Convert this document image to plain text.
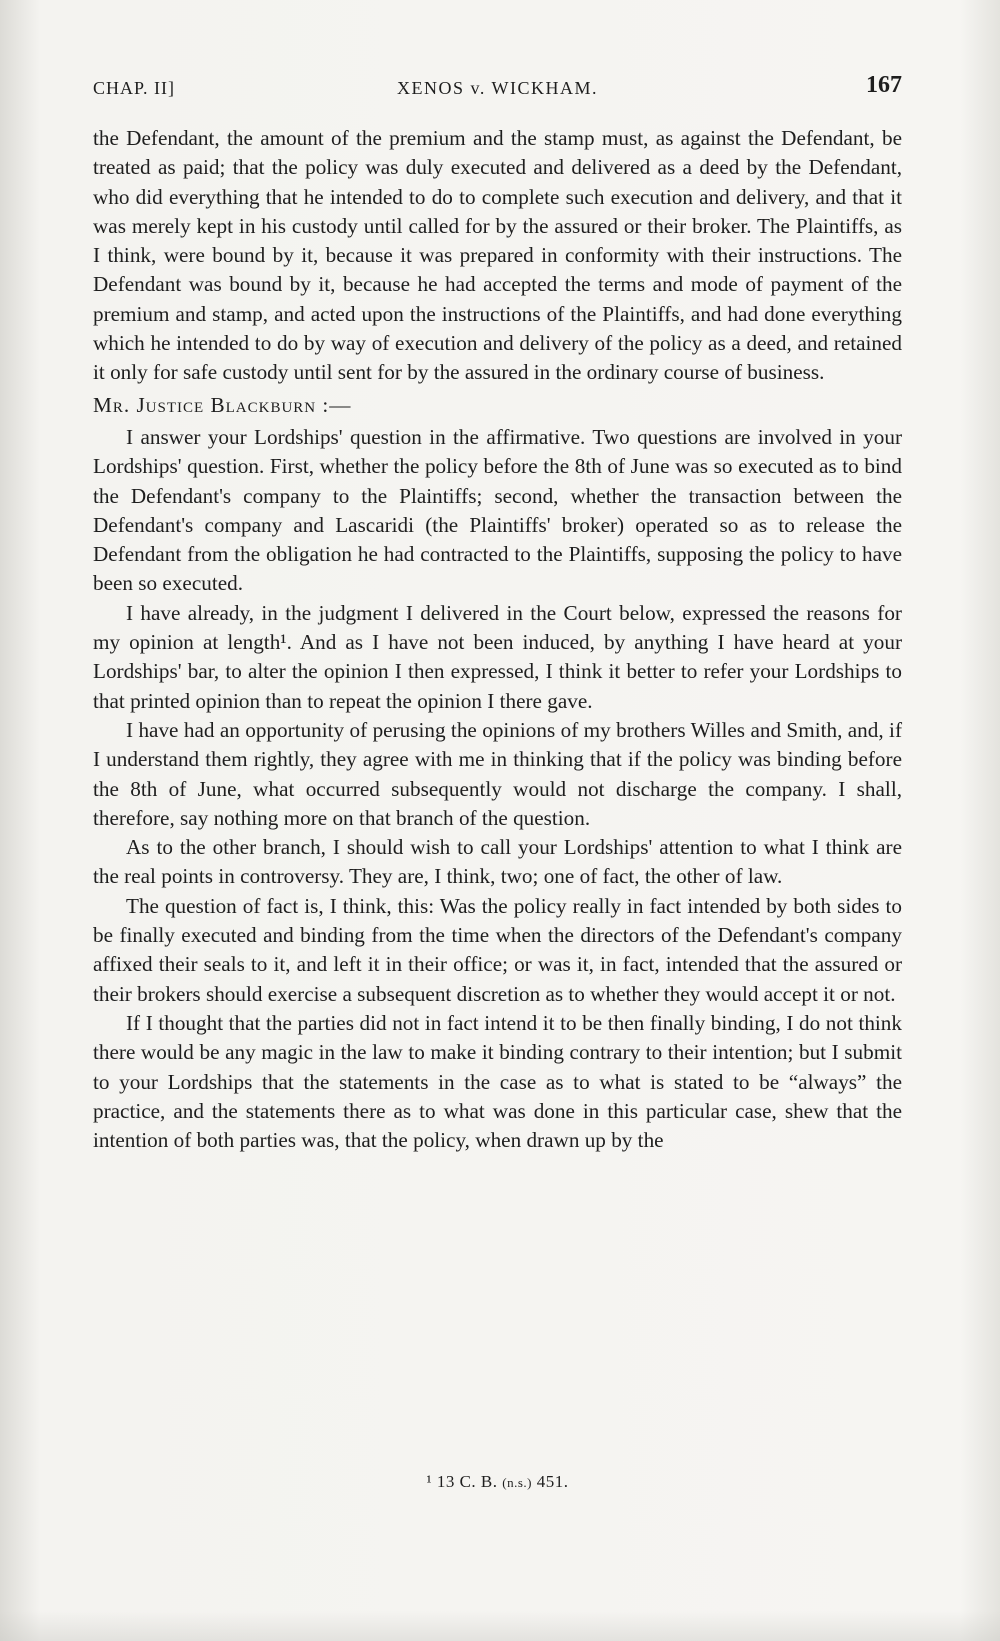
CHAP. II]	XENOS v. WICKHAM.	167

the Defendant, the amount of the premium and the stamp must, as against the Defendant, be treated as paid; that the policy was duly executed and delivered as a deed by the Defendant, who did everything that he intended to do to complete such execution and delivery, and that it was merely kept in his custody until called for by the assured or their broker. The Plaintiffs, as I think, were bound by it, because it was prepared in conformity with their instructions. The Defendant was bound by it, because he had accepted the terms and mode of payment of the premium and stamp, and acted upon the instructions of the Plaintiffs, and had done everything which he intended to do by way of execution and delivery of the policy as a deed, and retained it only for safe custody until sent for by the assured in the ordinary course of business.

Mr. Justice Blackburn :—

I answer your Lordships' question in the affirmative. Two questions are involved in your Lordships' question. First, whether the policy before the 8th of June was so executed as to bind the Defendant's company to the Plaintiffs; second, whether the transaction between the Defendant's company and Lascaridi (the Plaintiffs' broker) operated so as to release the Defendant from the obligation he had contracted to the Plaintiffs, supposing the policy to have been so executed.

I have already, in the judgment I delivered in the Court below, expressed the reasons for my opinion at length¹. And as I have not been induced, by anything I have heard at your Lordships' bar, to alter the opinion I then expressed, I think it better to refer your Lordships to that printed opinion than to repeat the opinion I there gave.

I have had an opportunity of perusing the opinions of my brothers Willes and Smith, and, if I understand them rightly, they agree with me in thinking that if the policy was binding before the 8th of June, what occurred subsequently would not discharge the company. I shall, therefore, say nothing more on that branch of the question.

As to the other branch, I should wish to call your Lordships' attention to what I think are the real points in controversy. They are, I think, two; one of fact, the other of law.

The question of fact is, I think, this: Was the policy really in fact intended by both sides to be finally executed and binding from the time when the directors of the Defendant's company affixed their seals to it, and left it in their office; or was it, in fact, intended that the assured or their brokers should exercise a subsequent discretion as to whether they would accept it or not.

If I thought that the parties did not in fact intend it to be then finally binding, I do not think there would be any magic in the law to make it binding contrary to their intention; but I submit to your Lordships that the statements in the case as to what is stated to be “always” the practice, and the statements there as to what was done in this particular case, shew that the intention of both parties was, that the policy, when drawn up by the

¹ 13 C. B. (n.s.) 451.
